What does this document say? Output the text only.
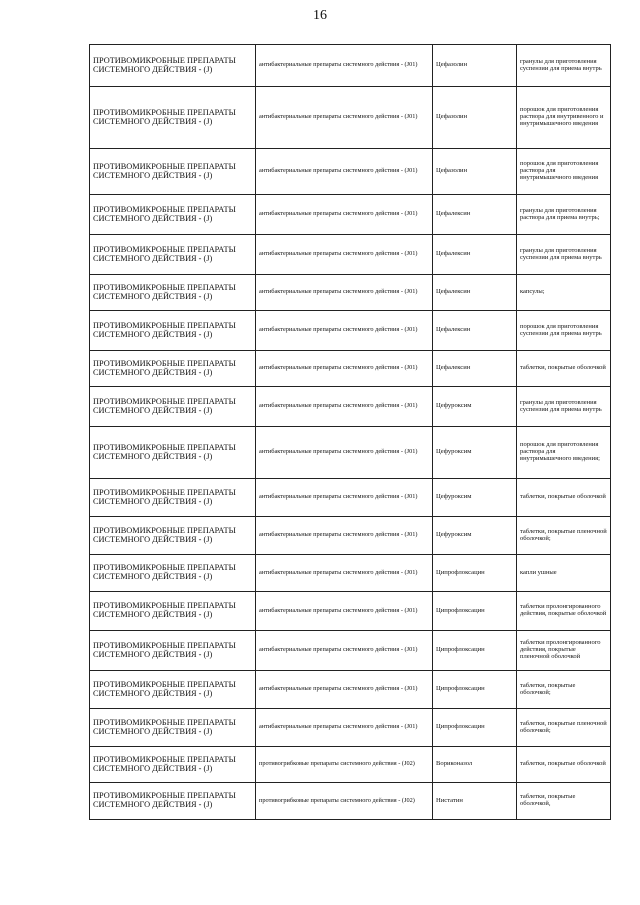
16
ПРОТИВОМИКРОБНЫЕ ПРЕПАРАТЫ СИСТЕМНОГО ДЕЙСТВИЯ - (J)	антибактериальные препараты системного действия - (J01)	Цефазолин	гранулы для приготовления суспензии для приема внутрь
ПРОТИВОМИКРОБНЫЕ ПРЕПАРАТЫ СИСТЕМНОГО ДЕЙСТВИЯ - (J)	антибактериальные препараты системного действия - (J01)	Цефазолин	порошок для приготовления раствора для внутривенного и внутримышечного введения
ПРОТИВОМИКРОБНЫЕ ПРЕПАРАТЫ СИСТЕМНОГО ДЕЙСТВИЯ - (J)	антибактериальные препараты системного действия - (J01)	Цефазолин	порошок для приготовления раствора для внутримышечного введения
ПРОТИВОМИКРОБНЫЕ ПРЕПАРАТЫ СИСТЕМНОГО ДЕЙСТВИЯ - (J)	антибактериальные препараты системного действия - (J01)	Цефалексин	гранулы для приготовления раствора для приема внутрь;
ПРОТИВОМИКРОБНЫЕ ПРЕПАРАТЫ СИСТЕМНОГО ДЕЙСТВИЯ - (J)	антибактериальные препараты системного действия - (J01)	Цефалексин	гранулы для приготовления суспензии для приема внутрь
ПРОТИВОМИКРОБНЫЕ ПРЕПАРАТЫ СИСТЕМНОГО ДЕЙСТВИЯ - (J)	антибактериальные препараты системного действия - (J01)	Цефалексин	капсулы;
ПРОТИВОМИКРОБНЫЕ ПРЕПАРАТЫ СИСТЕМНОГО ДЕЙСТВИЯ - (J)	антибактериальные препараты системного действия - (J01)	Цефалексин	порошок для приготовления суспензии для приема внутрь
ПРОТИВОМИКРОБНЫЕ ПРЕПАРАТЫ СИСТЕМНОГО ДЕЙСТВИЯ - (J)	антибактериальные препараты системного действия - (J01)	Цефалексин	таблетки, покрытые оболочкой
ПРОТИВОМИКРОБНЫЕ ПРЕПАРАТЫ СИСТЕМНОГО ДЕЙСТВИЯ - (J)	антибактериальные препараты системного действия - (J01)	Цефуроксим	гранулы для приготовления суспензии для приема внутрь
ПРОТИВОМИКРОБНЫЕ ПРЕПАРАТЫ СИСТЕМНОГО ДЕЙСТВИЯ - (J)	антибактериальные препараты системного действия - (J01)	Цефуроксим	порошок для приготовления раствора для внутримышечного введения;
ПРОТИВОМИКРОБНЫЕ ПРЕПАРАТЫ СИСТЕМНОГО ДЕЙСТВИЯ - (J)	антибактериальные препараты системного действия - (J01)	Цефуроксим	таблетки, покрытые оболочкой
ПРОТИВОМИКРОБНЫЕ ПРЕПАРАТЫ СИСТЕМНОГО ДЕЙСТВИЯ - (J)	антибактериальные препараты системного действия - (J01)	Цефуроксим	таблетки, покрытые пленочной оболочкой;
ПРОТИВОМИКРОБНЫЕ ПРЕПАРАТЫ СИСТЕМНОГО ДЕЙСТВИЯ - (J)	антибактериальные препараты системного действия - (J01)	Ципрофлоксацин	капли ушные
ПРОТИВОМИКРОБНЫЕ ПРЕПАРАТЫ СИСТЕМНОГО ДЕЙСТВИЯ - (J)	антибактериальные препараты системного действия - (J01)	Ципрофлоксацин	таблетки пролонгированного действия, покрытые оболочкой
ПРОТИВОМИКРОБНЫЕ ПРЕПАРАТЫ СИСТЕМНОГО ДЕЙСТВИЯ - (J)	антибактериальные препараты системного действия - (J01)	Ципрофлоксацин	таблетки пролонгированного действия, покрытые пленочной оболочкой
ПРОТИВОМИКРОБНЫЕ ПРЕПАРАТЫ СИСТЕМНОГО ДЕЙСТВИЯ - (J)	антибактериальные препараты системного действия - (J01)	Ципрофлоксацин	таблетки, покрытые оболочкой;
ПРОТИВОМИКРОБНЫЕ ПРЕПАРАТЫ СИСТЕМНОГО ДЕЙСТВИЯ - (J)	антибактериальные препараты системного действия - (J01)	Ципрофлоксацин	таблетки, покрытые пленочной оболочкой;
ПРОТИВОМИКРОБНЫЕ ПРЕПАРАТЫ СИСТЕМНОГО ДЕЙСТВИЯ - (J)	противогрибковые препараты системного действия - (J02)	Вориконазол	таблетки, покрытые оболочкой
ПРОТИВОМИКРОБНЫЕ ПРЕПАРАТЫ СИСТЕМНОГО ДЕЙСТВИЯ - (J)	противогрибковые препараты системного действия - (J02)	Нистатин	таблетки, покрытые оболочкой,
